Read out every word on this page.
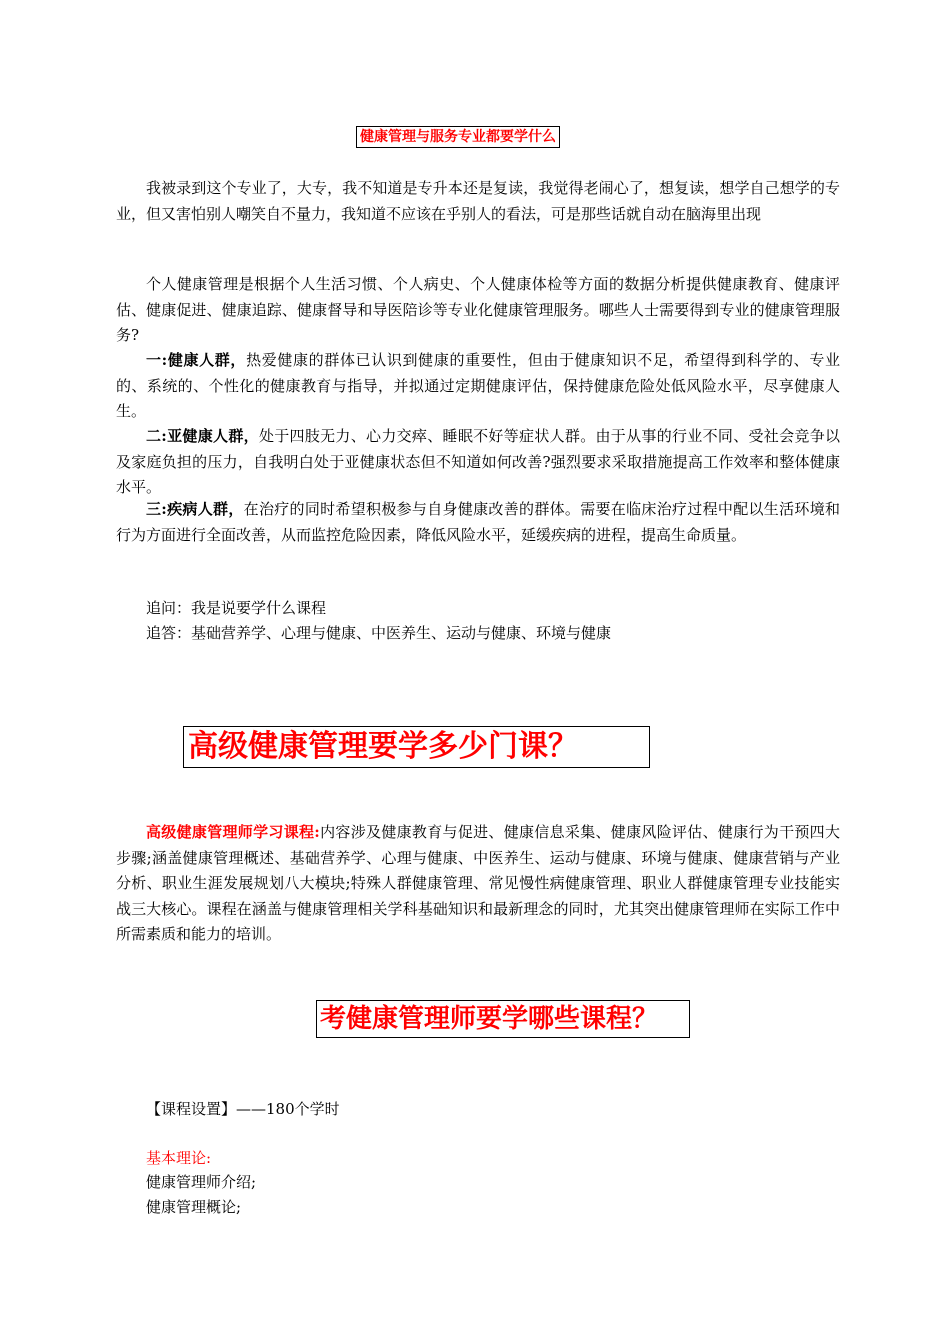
健康管理与服务专业都要学什么

我被录到这个专业了，大专，我不知道是专升本还是复读，我觉得老闹心了，想复读，想学自己想学的专业，但又害怕别人嘲笑自不量力，我知道不应该在乎别人的看法，可是那些话就自动在脑海里出现

个人健康管理是根据个人生活习惯、个人病史、个人健康体检等方面的数据分析提供健康教育、健康评估、健康促进、健康追踪、健康督导和导医陪诊等专业化健康管理服务。哪些人士需要得到专业的健康管理服务?

一:健康人群，热爱健康的群体已认识到健康的重要性，但由于健康知识不足，希望得到科学的、专业的、系统的、个性化的健康教育与指导，并拟通过定期健康评估，保持健康危险处低风险水平，尽享健康人生。

二:亚健康人群，处于四肢无力、心力交瘁、睡眠不好等症状人群。由于从事的行业不同、受社会竞争以及家庭负担的压力，自我明白处于亚健康状态但不知道如何改善?强烈要求采取措施提高工作效率和整体健康水平。

三:疾病人群，在治疗的同时希望积极参与自身健康改善的群体。需要在临床治疗过程中配以生活环境和行为方面进行全面改善，从而监控危险因素，降低风险水平，延缓疾病的进程，提高生命质量。

追问：我是说要学什么课程
追答：基础营养学、心理与健康、中医养生、运动与健康、环境与健康
高级健康管理要学多少门课？

高级健康管理师学习课程:内容涉及健康教育与促进、健康信息采集、健康风险评估、健康行为干预四大步骤;涵盖健康管理概述、基础营养学、心理与健康、中医养生、运动与健康、环境与健康、健康营销与产业分析、职业生涯发展规划八大模块;特殊人群健康管理、常见慢性病健康管理、职业人群健康管理专业技能实战三大核心。课程在涵盖与健康管理相关学科基础知识和最新理念的同时，尤其突出健康管理师在实际工作中所需素质和能力的培训。

考健康管理师要学哪些课程？
【课程设置】——180个学时
基本理论:
健康管理师介绍;
健康管理概论;
